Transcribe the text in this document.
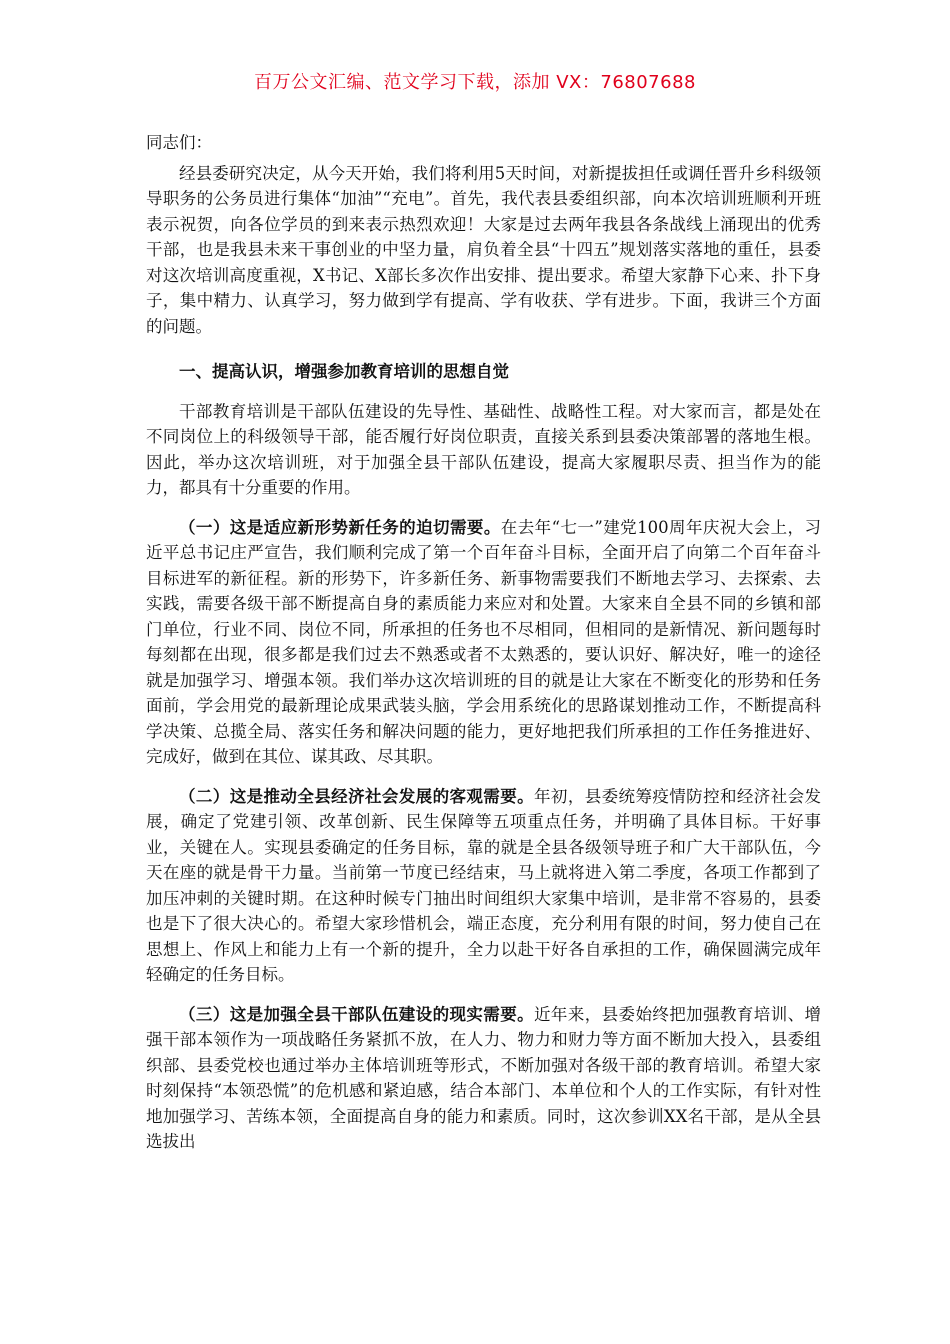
百万公文汇编、范文学习下载，添加 VX：76807688

同志们：

经县委研究决定，从今天开始，我们将利用5天时间，对新提拔担任或调任晋升乡科级领导职务的公务员进行集体“加油”“充电”。首先，我代表县委组织部，向本次培训班顺利开班表示祝贺，向各位学员的到来表示热烈欢迎！大家是过去两年我县各条战线上涌现出的优秀干部，也是我县未来干事创业的中坚力量，肩负着全县“十四五”规划落实落地的重任，县委对这次培训高度重视，X书记、X部长多次作出安排、提出要求。希望大家静下心来、扑下身子，集中精力、认真学习，努力做到学有提高、学有收获、学有进步。下面，我讲三个方面的问题。

一、提高认识，增强参加教育培训的思想自觉

干部教育培训是干部队伍建设的先导性、基础性、战略性工程。对大家而言，都是处在不同岗位上的科级领导干部，能否履行好岗位职责，直接关系到县委决策部署的落地生根。因此，举办这次培训班，对于加强全县干部队伍建设，提高大家履职尽责、担当作为的能力，都具有十分重要的作用。

（一）这是适应新形势新任务的迫切需要。在去年“七一”建党100周年庆祝大会上，习近平总书记庄严宣告，我们顺利完成了第一个百年奋斗目标，全面开启了向第二个百年奋斗目标进军的新征程。新的形势下，许多新任务、新事物需要我们不断地去学习、去探索、去实践，需要各级干部不断提高自身的素质能力来应对和处置。大家来自全县不同的乡镇和部门单位，行业不同、岗位不同，所承担的任务也不尽相同，但相同的是新情况、新问题每时每刻都在出现，很多都是我们过去不熟悉或者不太熟悉的，要认识好、解决好，唯一的途径就是加强学习、增强本领。我们举办这次培训班的目的就是让大家在不断变化的形势和任务面前，学会用党的最新理论成果武装头脑，学会用系统化的思路谋划推动工作，不断提高科学决策、总揽全局、落实任务和解决问题的能力，更好地把我们所承担的工作任务推进好、完成好，做到在其位、谋其政、尽其职。

（二）这是推动全县经济社会发展的客观需要。年初，县委统筹疫情防控和经济社会发展，确定了党建引领、改革创新、民生保障等五项重点任务，并明确了具体目标。干好事业，关键在人。实现县委确定的任务目标，靠的就是全县各级领导班子和广大干部队伍，今天在座的就是骨干力量。当前第一节度已经结束，马上就将进入第二季度，各项工作都到了加压冲刺的关键时期。在这种时候专门抽出时间组织大家集中培训，是非常不容易的，县委也是下了很大决心的。希望大家珍惜机会，端正态度，充分利用有限的时间，努力使自己在思想上、作风上和能力上有一个新的提升，全力以赴干好各自承担的工作，确保圆满完成年轻确定的任务目标。

（三）这是加强全县干部队伍建设的现实需要。近年来，县委始终把加强教育培训、增强干部本领作为一项战略任务紧抓不放，在人力、物力和财力等方面不断加大投入，县委组织部、县委党校也通过举办主体培训班等形式，不断加强对各级干部的教育培训。希望大家时刻保持“本领恐慌”的危机感和紧迫感，结合本部门、本单位和个人的工作实际，有针对性地加强学习、苦练本领，全面提高自身的能力和素质。同时，这次参训XX名干部，是从全县选拔出
